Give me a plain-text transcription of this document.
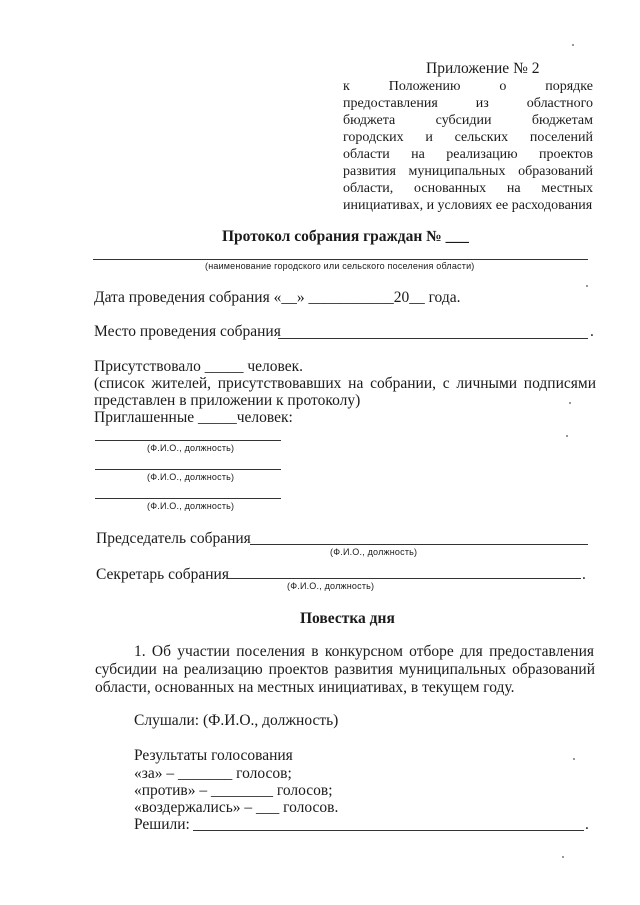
Приложение № 2
к	Положению	о	порядке
предоставления	из	областного
бюджета	субсидии	бюджетам
городских и сельских поселений
области на реализацию проектов
развития муниципальных образований
области, основанных на местных
инициативах, и условиях ее расходования
Протокол собрания граждан № ___
(наименование городского или сельского поселения области)
Дата проведения собрания «__» ___________20__ года.
Место проведения собрания	.
Присутствовало _____ человек.
(список жителей, присутствовавших на собрании, с личными подписями
представлен в приложении к протоколу)
Приглашенные _____человек:
(Ф.И.О., должность)
(Ф.И.О., должность)
(Ф.И.О., должность)
Председатель собрания
(Ф.И.О., должность)
Секретарь собрания	.
(Ф.И.О., должность)
Повестка дня
1. Об участии поселения в конкурсном отборе для предоставления
субсидии на реализацию проектов развития муниципальных образований
области, основанных на местных инициативах, в текущем году.
Слушали: (Ф.И.О., должность)
Результаты голосования
«за» – _______ голосов;
«против» – ________ голосов;
«воздержались» – ___ голосов.
Решили:	.
